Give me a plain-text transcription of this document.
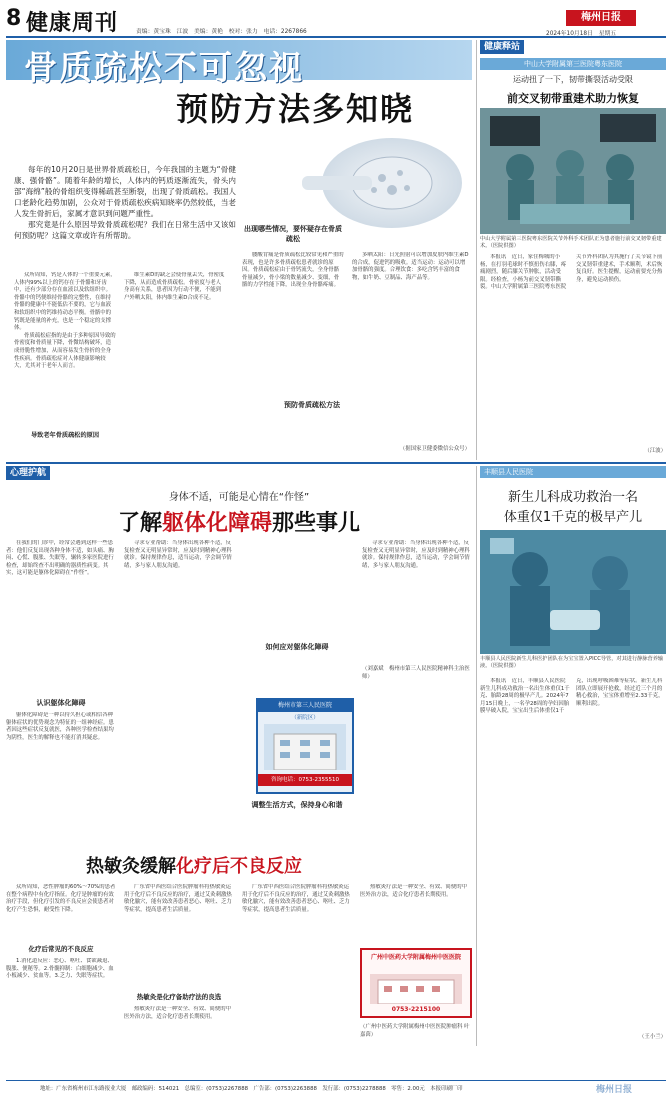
8 健康周刊	责编：黄宝珠　江波　美编：黄艳　校对：张力　电话：2267866
梅州日报
2024年10月18日　星期五
骨质疏松不可忽视
预防方法多知晓

每年的10月20日是世界骨质疏松日，今年我国的主题为“骨健康、强骨骼”。随着年龄的增长，人体内的钙质逐渐流失，骨头内部“海绵”般的骨组织变得稀疏甚至断裂，出现了骨质疏松。我国人口老龄化趋势加剧，公众对于骨质疏松疾病知晓率仍然较低，当老人发生骨折后，家属才意识到问题严重性。

那究竟是什么原因导致骨质疏松呢？我们在日常生活中又该如何预防呢？这篇文章或许有所帮助。

众所周知，钙是人体的一个重要元素，人体内99%以上的钙存在于骨骼和牙齿中，还有少部分存在血液以及软组织中。骨骼中的钙便维持骨骼的完整性，在维持骨骼的健康中不能低估不要的，它与血液和软组织中的钙维持动态平衡。骨骼中的钙既是能量的补充，也是一个稳定的支撑体。

骨质疏松症指的是由于多种原因导致的骨密度和骨质量下降，骨微结构破坏，造成骨脆性增加，从而容易发生骨折的全身性疾病。骨质疏松症对人体健康影响较大，尤其对于老年人而言。

导致老年骨质疏松的原因

维生素D的缺乏会使骨量丢失，骨密度下降，从而造成骨质疏松。骨密度与老人身高有关系，患者因为行动不便，不能到户外晒太阳，体内维生素D合成不足。

腰酸背痛是骨质疏松比较常见和严重的表现，也是许多骨质疏松患者就诊的原因。骨质疏松症由于骨钙流失，全身骨骼骨量减少，骨小梁的数量减少、变细，骨骼的力学性能下降，出现全身骨骼疼痛。

出现哪些情况，要怀疑存在骨质疏松

多晒太阳：日光照射可以增加皮肤内维生素D的合成，促进钙的吸收。适当运动：运动可以增加骨骼的强度。合理饮食：多吃含钙丰富的食物，如牛奶、豆制品、海产品等。

预防骨质疏松方法
（据国家卫健委微信公众号）
健康释站
中山大学附属第三医院粤东医院
运动扭了一下，韧带撕裂活动受限
前交叉韧带重建术助力恢复
中山大学附属第三医院粤东医院关节外科手术团队正为患者施行前交叉韧带重建术。（医院供图）

本报讯　近日，家住梅城的小杨，在打羽毛球时不慎扭伤右膝，疼痛剧烈，随后膝关节肿胀，活动受限。经检查，小杨为前交叉韧带撕裂。中山大学附属第三医院粤东医院关节外科团队为其施行了关节镜下前交叉韧带重建术，手术顺利，术后恢复良好。医生提醒，运动前要充分热身，避免运动损伤。

（江波）
心理护航
身体不适，可能是心情在“作怪”
了解躯体化障碍那些事儿

在我们的门诊中，经常会遇到这样一些患者：他们反复出现各种身体不适，如头痛、胸闷、心慌、腹胀、失眠等，辗转多家医院进行检查，却始终查不出明确的器质性病变。其实，这可能是躯体化障碍在“作怪”。

认识躯体化障碍

躯体化障碍是一种以持久担心或相信各种躯体症状的优势观念为特征的一组神经症。患者因这些症状反复就医，各种医学检查结果均为阴性，医生的解释也不能打消其疑虑。

寻求专业帮助：当身体出现各种不适，反复检查又无明显异常时，应及时到精神心理科就诊。保持规律作息，适当运动，学会调节情绪，多与家人朋友沟通。

如何应对躯体化障碍
调整生活方式，保持身心和谐
梅州市第三人民医院
（新院区）
咨询电话：0753-2355510

寻求专业帮助：当身体出现各种不适，反复检查又无明显异常时，应及时到精神心理科就诊。保持规律作息，适当运动，学会调节情绪，多与家人朋友沟通。

（刘嘉斌　梅州市第三人民医院精神科主治医师）
丰顺县人民医院
新生儿科成功救治一名
体重仅1千克的极早产儿
丰顺县人民医院新生儿科医护团队在为宝宝置入PICC导管，对其进行静脉营养输液。（医院供图）

本报讯　近日，丰顺县人民医院新生儿科成功救治一名出生体重仅1千克、胎龄28周的极早产儿。2024年7月15日晚上，一名孕28周的孕妇因胎膜早破入院，宝宝出生后体重仅1千克，出现呼吸困难等症状。新生儿科团队立即展开抢救，经过近三个月的精心救治，宝宝体重增至2.33千克，顺利出院。

（王小兰）
热敏灸缓解化疗后不良反应

众所周知，恶性肿瘤的60%～70%的患者在整个病程中有化疗指征。化疗是肿瘤的有效治疗手段，但化疗引发的不良反应会使患者对化疗产生恐惧，耐受性下降。

化疗后常见的不良反应

1.消化道反应：恶心、呕吐、食欲减退、腹胀、便秘等。2.骨髓抑制：白细胞减少、血小板减少、贫血等。3.乏力、失眠等症状。

广东省中西医结合医院肿瘤科将热敏灸运用于化疗后不良反应的治疗，通过艾灸刺激热敏化腧穴，能有效改善患者恶心、呕吐、乏力等症状，提高患者生活质量。

热敏灸是化疗备助疗法的良选

热敏灸疗法是一种安全、有效、简便的中医外治方法，适合化疗患者长期使用。

广东省中西医结合医院肿瘤科将热敏灸运用于化疗后不良反应的治疗，通过艾灸刺激热敏化腧穴，能有效改善患者恶心、呕吐、乏力等症状，提高患者生活质量。

热敏灸疗法是一种安全、有效、简便的中医外治方法，适合化疗患者长期使用。

广州中医药大学附属梅州中医医院
0753-2215100
（广州中医药大学附属梅州中医医院肿瘤科 叶嘉茵）
地址：广东省梅州市江东路报业大厦　邮政编码：514021　总编室：(0753)2267888　广告部：(0753)2263888　发行部：(0753)2278888　零售：2.00元　本报印刷厂印	梅州日报
